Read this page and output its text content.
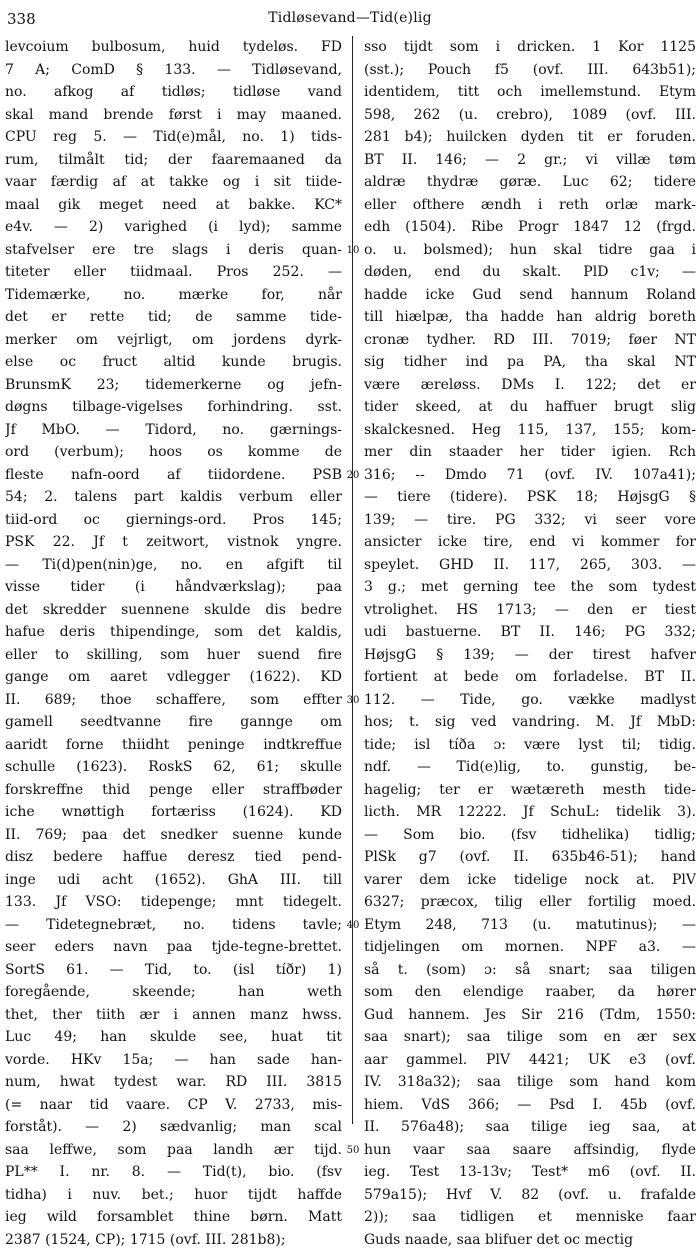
338	Tidløsevand—Tid(e)lig
10
20
30
40
50
levcoium bulbosum, huid tydeløs. FD
7 A; ComD § 133. — Tidløsevand,
no. afkog af tidløs; tidløse vand
skal mand brende først i may maaned.
CPU reg 5. — Tid(e)mål, no. 1) tids-
rum, tilmålt tid; der faaremaaned da
vaar færdig af at takke og i sit tiide-
maal gik meget need at bakke. KC*
e4v. — 2) varighed (i lyd); samme
stafvelser ere tre slags i deris quan-
titeter eller tiidmaal. Pros 252. —
Tidemærke, no. mærke for, når
det er rette tid; de samme tide-
merker om vejrligt, om jordens dyrk-
else oc fruct altid kunde brugis.
BrunsmK 23; tidemerkerne og jefn-
døgns tilbage-vigelses forhindring. sst.
Jf MbO. — Tidord, no. gærnings-
ord (verbum); hoos os komme de
fleste nafn-oord af tiidordene. PSB
54; 2. talens part kaldis verbum eller
tiid-ord oc giernings-ord. Pros 145;
PSK 22. Jf t zeitwort, vistnok yngre.
— Ti(d)pen(nin)ge, no. en afgift til
visse tider (i håndværkslag); paa
det skredder suennene skulde dis bedre
hafue deris thipendinge, som det kaldis,
eller to skilling, som huer suend fire
gange om aaret vdlegger (1622). KD
II. 689; thoe schaffere, som effter
gamell seedtvanne fire gannge om
aaridt forne thiidht peninge indtkreffue
schulle (1623). RoskS 62, 61; skulle
forskreffne thid penge eller straffbøder
iche wnøttigh fortæriss (1624). KD
II. 769; paa det snedker suenne kunde
disz bedere haffue deresz tied pend-
inge udi acht (1652). GhA III. till
133. Jf VSO: tidepenge; mnt tidegelt.
— Tidetegnebræt, no. tidens tavle;
seer eders navn paa tjde-tegne-brettet.
SortS 61. — Tid, to. (isl tíðr) 1)
foregående, skeende; han weth
thet, ther tiith ær i annen manz hwss.
Luc 49; han skulde see, huat tit
vorde. HKv 15a; — han sade han-
num, hwat tydest war. RD III. 3815
(= naar tid vaare. CP V. 2733, mis-
forståt). — 2) sædvanlig; man scal
saa leffwe, som paa landh ær tijd.
PL** I. nr. 8. — Tid(t), bio. (fsv
tidha) i nuv. bet.; huor tijdt haffde
ieg wild forsamblet thine børn. Matt
2387 (1524, CP); 1715 (ovf. III. 281b8);
sso tijdt som i dricken. 1 Kor 1125
(sst.); Pouch f5 (ovf. III. 643b51);
identidem, titt och imellemstund. Etym
598, 262 (u. crebro), 1089 (ovf. III.
281 b4); huilcken dyden tit er foruden.
BT II. 146; — 2 gr.; vi villæ tøm
aldræ thydræ gøræ. Luc 62; tidere
eller ofthere ændh i reth orlæ mark-
edh (1504). Ribe Progr 1847 12 (frgd.
o. u. bolsmed); hun skal tidre gaa i
døden, end du skalt. PlD c1v; —
hadde icke Gud send hannum Roland
till hiælpæ, tha hadde han aldrig boreth
cronæ tydher. RD III. 7019; føer NT
sig tidher ind pa PA, tha skal NT
være æreløss. DMs I. 122; det er
tider skeed, at du haffuer brugt slig
skalckesned. Heg 115, 137, 155; kom-
mer din staader her tider igien. Rch
316; -- Dmdo 71 (ovf. IV. 107a41);
— tiere (tidere). PSK 18; HøjsgG §
139; — tire. PG 332; vi seer vore
ansicter icke tire, end vi kommer for
speylet. GHD II. 117, 265, 303. —
3 g.; met gerning tee the som tydest
vtrolighet. HS 1713; — den er tiest
udi bastuerne. BT II. 146; PG 332;
HøjsgG § 139; — der tirest hafver
fortient at bede om forladelse. BT II.
112. — Tide, go. vække madlyst
hos; t. sig ved vandring. M. Jf MbD:
tide; isl tíða ɔ: være lyst til; tidig.
ndf. — Tid(e)lig, to. gunstig, be-
hagelig; ter er wætæreth mesth tide-
licth. MR 12222. Jf SchuL: tidelik 3).
— Som bio. (fsv tidhelika) tidlig;
PlSk g7 (ovf. II. 635b46-51); hand
varer dem icke tidelige nock at. PlV
6327; præcox, tilig eller fortilig moed.
Etym 248, 713 (u. matutinus); —
tidjelingen om mornen. NPF a3. —
så t. (som) ɔ: så snart; saa tiligen
som den elendige raaber, da hører
Gud hannem. Jes Sir 216 (Tdm, 1550:
saa snart); saa tilige som en ær sex
aar gammel. PlV 4421; UK e3 (ovf.
IV. 318a32); saa tilige som hand kom
hiem. VdS 366; — Psd I. 45b (ovf.
II. 576a48); saa tilige ieg saa, at
hun vaar saa saare affsindig, flyde
ieg. Test 13-13v; Test* m6 (ovf. II.
579a15); Hvf V. 82 (ovf. u. frafalde
2)); saa tidligen et menniske faar
Guds naade, saa blifuer det oc mectig
